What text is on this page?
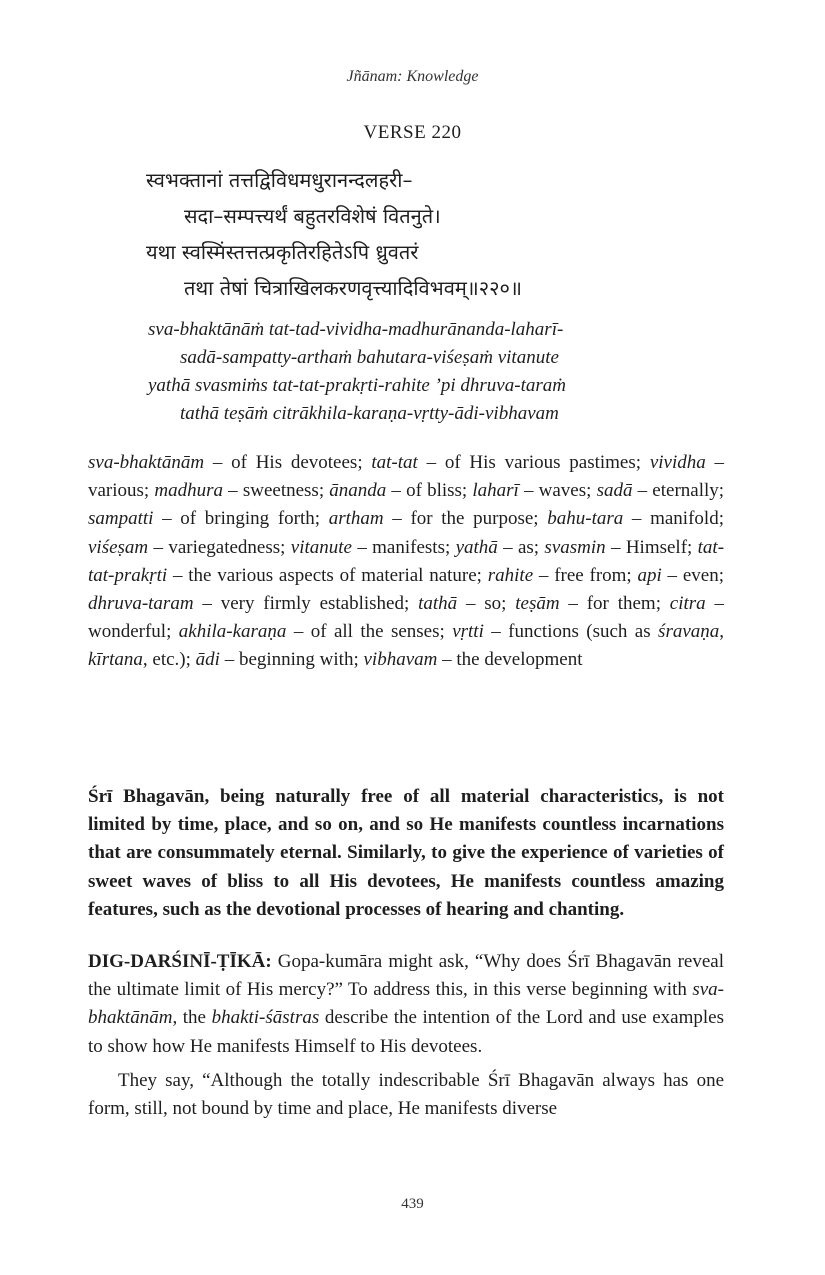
Jñānam: Knowledge
VERSE 220
स्वभक्तानां तत्तद्विविधमधुरानन्दलहरी–
सदा–सम्पत्त्यर्थं बहुतरविशेषं वितनुते।
यथा स्वस्मिंस्तत्तत्प्रकृतिरहितेऽपि ध्रुवतरं
तथा तेषां चित्राखिलकरणवृत्त्यादिविभवम्॥२२०॥
sva-bhaktānāṁ tat-tad-vividha-madhurānanda-laharī-
sadā-sampatty-arthaṁ bahutara-viśeṣaṁ vitanute
yathā svasmiṁs tat-tat-prakṛti-rahite ’pi dhruva-taraṁ
tathā teṣāṁ citrākhila-karaṇa-vṛtty-ādi-vibhavam
sva-bhaktānām – of His devotees; tat-tat – of His various pastimes; vividha – various; madhura – sweetness; ānanda – of bliss; laharī – waves; sadā – eternally; sampatti – of bringing forth; artham – for the purpose; bahu-tara – manifold; viśeṣam – variegatedness; vitanute – manifests; yathā – as; svasmin – Himself; tat-tat-prakṛti – the various aspects of material nature; rahite – free from; api – even; dhruva-taram – very firmly established; tathā – so; teṣām – for them; citra – wonderful; akhila-karaṇa – of all the senses; vṛtti – functions (such as śravaṇa, kīrtana, etc.); ādi – beginning with; vibhavam – the development
Śrī Bhagavān, being naturally free of all material characteristics, is not limited by time, place, and so on, and so He manifests countless incarnations that are consummately eternal. Similarly, to give the experience of varieties of sweet waves of bliss to all His devotees, He manifests countless amazing features, such as the devotional processes of hearing and chanting.

DIG-DARŚINĪ-ṬĪKĀ: Gopa-kumāra might ask, “Why does Śrī Bhagavān reveal the ultimate limit of His mercy?” To address this, in this verse beginning with sva-bhaktānām, the bhakti-śāstras describe the intention of the Lord and use examples to show how He manifests Himself to His devotees.

They say, “Although the totally indescribable Śrī Bhagavān always has one form, still, not bound by time and place, He manifests diverse

439
